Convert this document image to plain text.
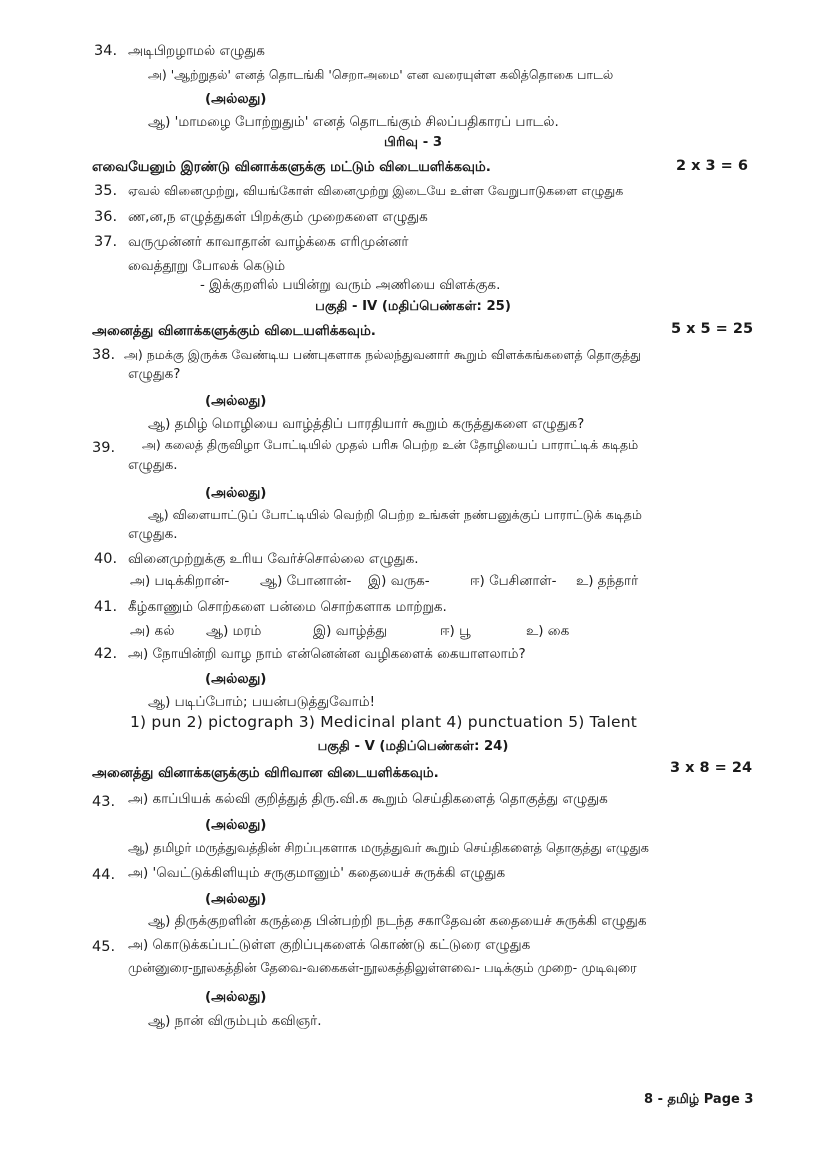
34. அடிபிறழாமல் எழுதுக
அ) 'ஆற்றுதல்' எனத் தொடங்கி 'செறாஅமை' என வரையுள்ள கலித்தொகை பாடல்
(அல்லது)
ஆ) 'மாமழை போற்றுதும்' எனத் தொடங்கும் சிலப்பதிகாரப் பாடல்.
பிரிவு - 3
எவையேனும் இரண்டு வினாக்களுக்கு மட்டும் விடையளிக்கவும்.	2 x 3 = 6
35. ஏவல் வினைமுற்று, வியங்கோள் வினைமுற்று இடையே உள்ள வேறுபாடுகளை எழுதுக
36. ண,ன,ந எழுத்துகள் பிறக்கும் முறைகளை எழுதுக
37. வருமுன்னர் காவாதான் வாழ்க்கை எரிமுன்னர்
வைத்தூறு போலக் கெடும்
- இக்குறளில் பயின்று வரும் அணியை விளக்குக.
பகுதி - IV (மதிப்பெண்கள்: 25)
அனைத்து வினாக்களுக்கும் விடையளிக்கவும்.	5 x 5 = 25
38. அ) நமக்கு இருக்க வேண்டிய பண்புகளாக நல்லந்துவனார் கூறும் விளக்கங்களைத் தொகுத்து
எழுதுக?
(அல்லது)
ஆ) தமிழ் மொழியை வாழ்த்திப் பாரதியார் கூறும் கருத்துகளை எழுதுக?
39. அ) கலைத் திருவிழா போட்டியில் முதல் பரிசு பெற்ற உன் தோழியைப் பாராட்டிக் கடிதம்
எழுதுக.
(அல்லது)
ஆ) விளையாட்டுப் போட்டியில் வெற்றி பெற்ற உங்கள் நண்பனுக்குப் பாராட்டுக் கடிதம்
எழுதுக.
40. வினைமுற்றுக்கு உரிய வேர்ச்சொல்லை எழுதுக.
அ) படிக்கிறான்- ஆ) போனான்- இ) வருக-	ஈ) பேசினாள்- உ) தந்தார்
41. கீழ்காணும் சொற்களை பன்மை சொற்களாக மாற்றுக.
அ) கல் ஆ) மரம்	இ) வாழ்த்து	ஈ) பூ	உ) கை
42. அ) நோயின்றி வாழ நாம் என்னென்ன வழிகளைக் கையாளலாம்?
(அல்லது)
ஆ) படிப்போம்; பயன்படுத்துவோம்!
1) pun 2) pictograph 3) Medicinal plant 4) punctuation 5) Talent
பகுதி - V (மதிப்பெண்கள்: 24)
அனைத்து வினாக்களுக்கும் விரிவான விடையளிக்கவும்.	3 x 8 = 24
43. அ) காப்பியக் கல்வி குறித்துத் திரு.வி.க கூறும் செய்திகளைத் தொகுத்து எழுதுக
(அல்லது)
ஆ) தமிழர் மருத்துவத்தின் சிறப்புகளாக மருத்துவர் கூறும் செய்திகளைத் தொகுத்து எழுதுக
44. அ) 'வெட்டுக்கிளியும் சருகுமானும்' கதையைச் சுருக்கி எழுதுக
(அல்லது)
ஆ) திருக்குறளின் கருத்தை பின்பற்றி நடந்த சகாதேவன் கதையைச் சுருக்கி எழுதுக
45. அ) கொடுக்கப்பட்டுள்ள குறிப்புகளைக் கொண்டு கட்டுரை எழுதுக
முன்னுரை-நூலகத்தின் தேவை-வகைகள்-நூலகத்திலுள்ளவை- படிக்கும் முறை- முடிவுரை
(அல்லது)
ஆ) நான் விரும்பும் கவிஞர்.
8 - தமிழ் Page 3
